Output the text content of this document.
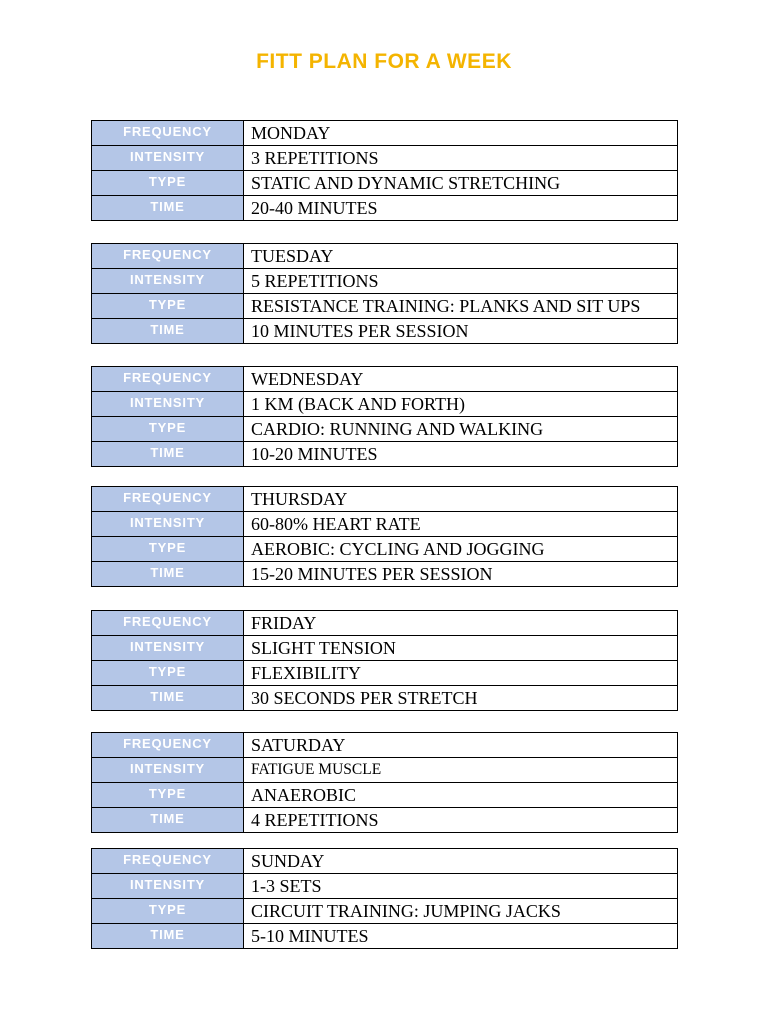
FITT PLAN FOR A WEEK
FREQUENCY	MONDAY
INTENSITY	3 REPETITIONS
TYPE	STATIC AND DYNAMIC STRETCHING
TIME	20-40 MINUTES
FREQUENCY	TUESDAY
INTENSITY	5 REPETITIONS
TYPE	RESISTANCE TRAINING: PLANKS AND SIT UPS
TIME	10 MINUTES PER SESSION
FREQUENCY	WEDNESDAY
INTENSITY	1 KM (BACK AND FORTH)
TYPE	CARDIO: RUNNING AND WALKING
TIME	10-20 MINUTES
FREQUENCY	THURSDAY
INTENSITY	60-80% HEART RATE
TYPE	AEROBIC: CYCLING AND JOGGING
TIME	15-20 MINUTES PER SESSION
FREQUENCY	FRIDAY
INTENSITY	SLIGHT TENSION
TYPE	FLEXIBILITY
TIME	30 SECONDS PER STRETCH
FREQUENCY	SATURDAY
INTENSITY	FATIGUE MUSCLE
TYPE	ANAEROBIC
TIME	4 REPETITIONS
FREQUENCY	SUNDAY
INTENSITY	1-3 SETS
TYPE	CIRCUIT TRAINING: JUMPING JACKS
TIME	5-10 MINUTES
